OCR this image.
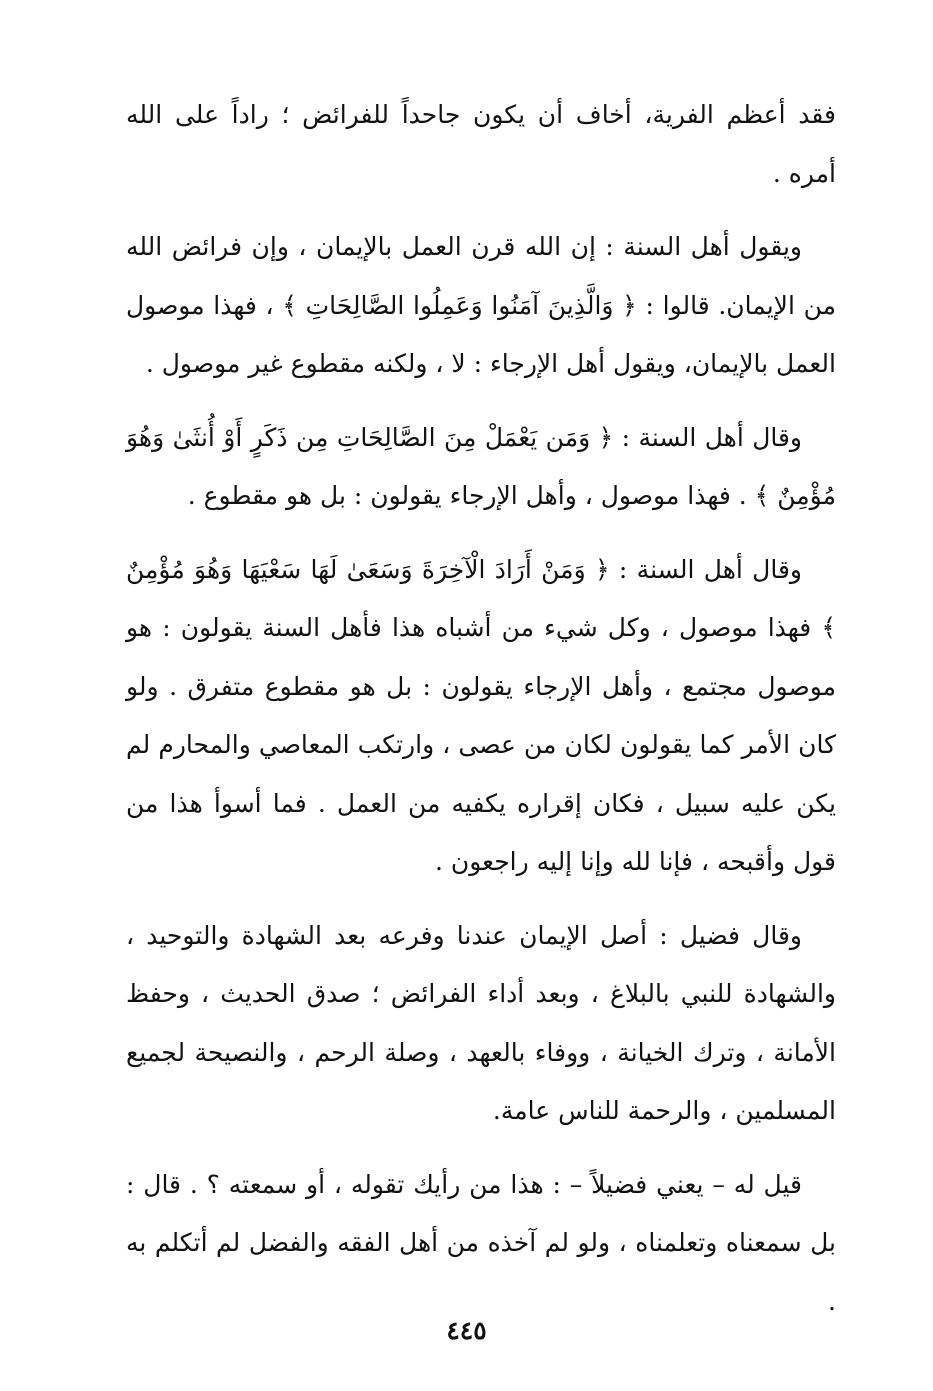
فقد أعظم الفرية، أخاف أن يكون جاحداً للفرائض ؛ راداً على الله أمره .

ويقول أهل السنة : إن الله قرن العمل بالإيمان ، وإن فرائض الله من الإيمان. قالوا : ﴿ وَالَّذِينَ آمَنُوا وَعَمِلُوا الصَّالِحَاتِ ﴾ ، فهذا موصول العمل بالإيمان، ويقول أهل الإرجاء : لا ، ولكنه مقطوع غير موصول .

وقال أهل السنة : ﴿ وَمَن يَعْمَلْ مِنَ الصَّالِحَاتِ مِن ذَكَرٍ أَوْ أُنثَىٰ وَهُوَ مُؤْمِنٌ ﴾ . فهذا موصول ، وأهل الإرجاء يقولون : بل هو مقطوع .

وقال أهل السنة : ﴿ وَمَنْ أَرَادَ الْآخِرَةَ وَسَعَىٰ لَهَا سَعْيَهَا وَهُوَ مُؤْمِنٌ ﴾ فهذا موصول ، وكل شيء من أشباه هذا فأهل السنة يقولون : هو موصول مجتمع ، وأهل الإرجاء يقولون : بل هو مقطوع متفرق . ولو كان الأمر كما يقولون لكان من عصى ، وارتكب المعاصي والمحارم لم يكن عليه سبيل ، فكان إقراره يكفيه من العمل . فما أسوأ هذا من قول وأقبحه ، فإنا لله وإنا إليه راجعون .

وقال فضيل : أصل الإيمان عندنا وفرعه بعد الشهادة والتوحيد ، والشهادة للنبي بالبلاغ ، وبعد أداء الفرائض ؛ صدق الحديث ، وحفظ الأمانة ، وترك الخيانة ، ووفاء بالعهد ، وصلة الرحم ، والنصيحة لجميع المسلمين ، والرحمة للناس عامة.

قيل له – يعني فضيلاً – : هذا من رأيك تقوله ، أو سمعته ؟ . قال : بل سمعناه وتعلمناه ، ولو لم آخذه من أهل الفقه والفضل لم أتكلم به .

٤٤٥
